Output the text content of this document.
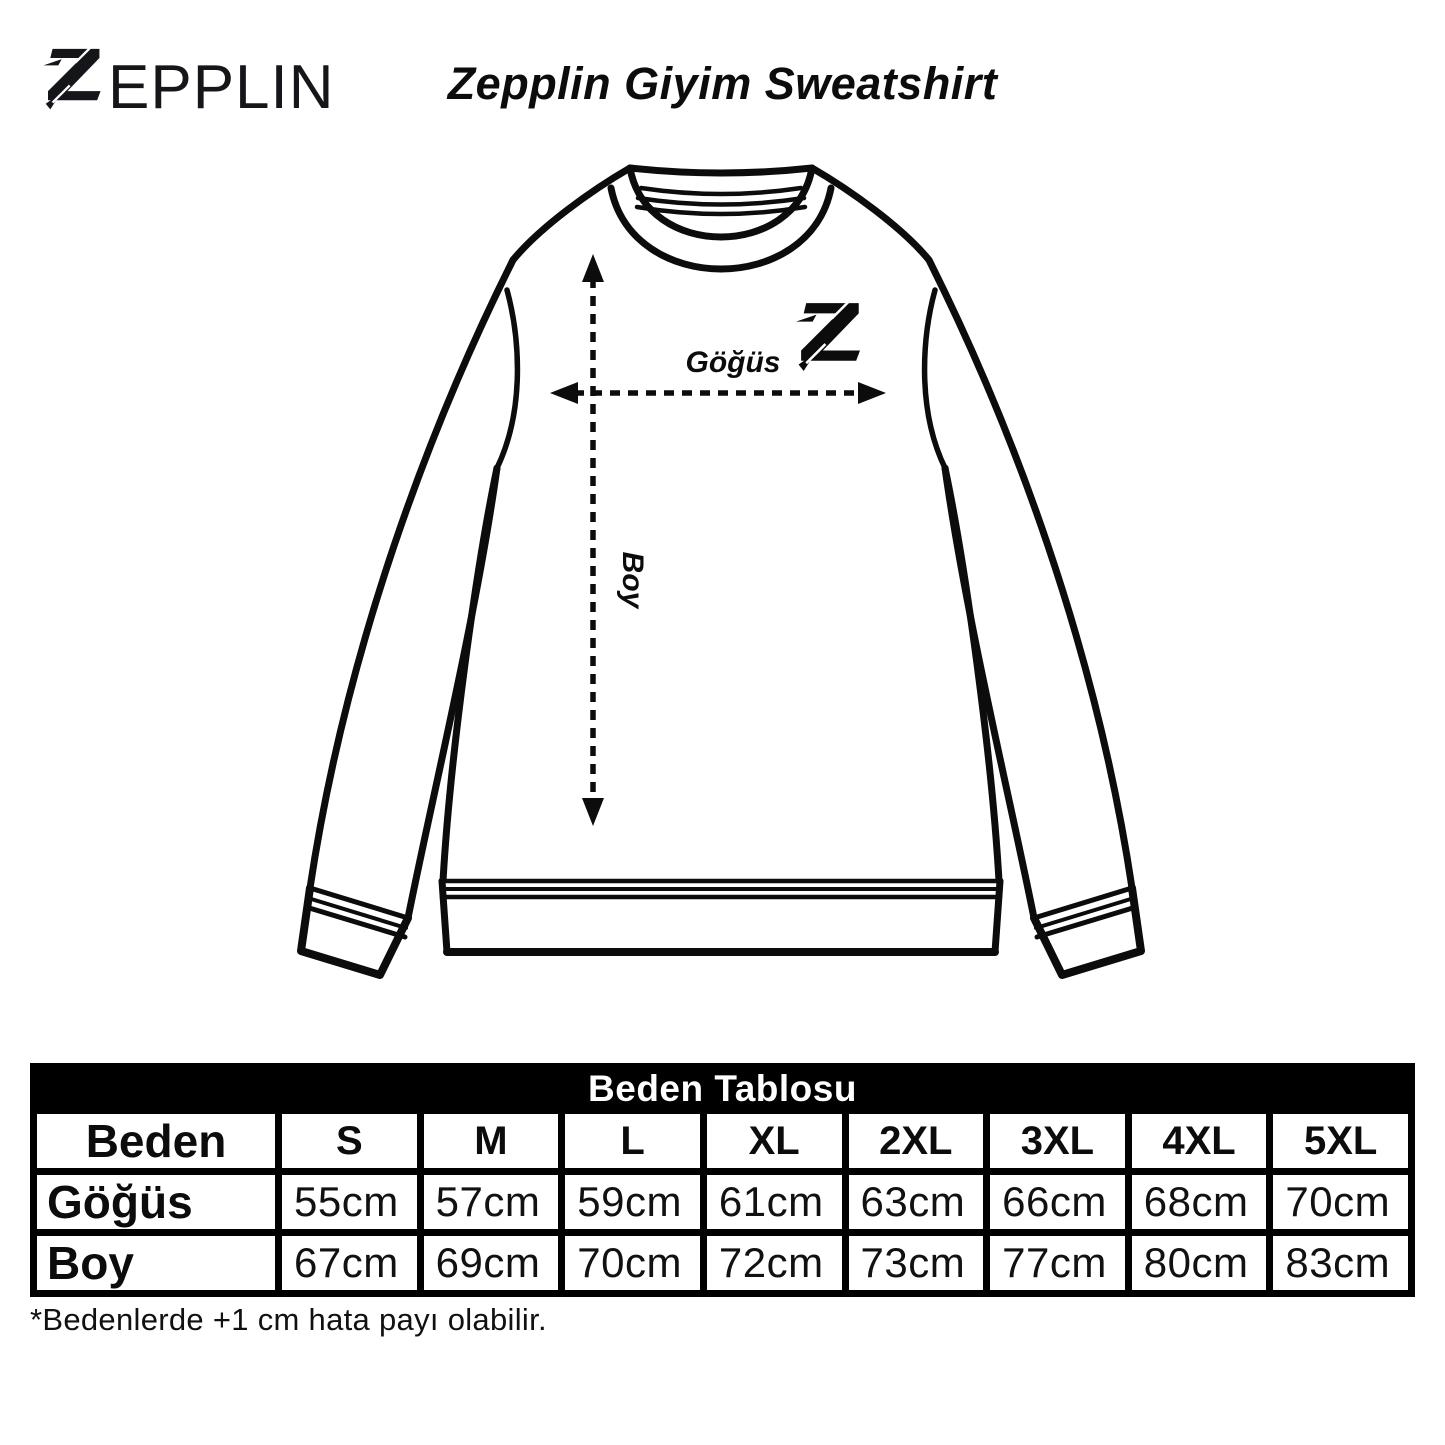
EPPLIN	Zepplin Giyim Sweatshirt
Göğüs
Boy
Beden Tablosu
Beden	S	M	L	XL	2XL	3XL	4XL	5XL
Göğüs	55cm 57cm 59cm 61cm 63cm 66cm 68cm 70cm
Boy	67cm 69cm 70cm 72cm 73cm 77cm 80cm 83cm
*Bedenlerde +1 cm hata payı olabilir.
